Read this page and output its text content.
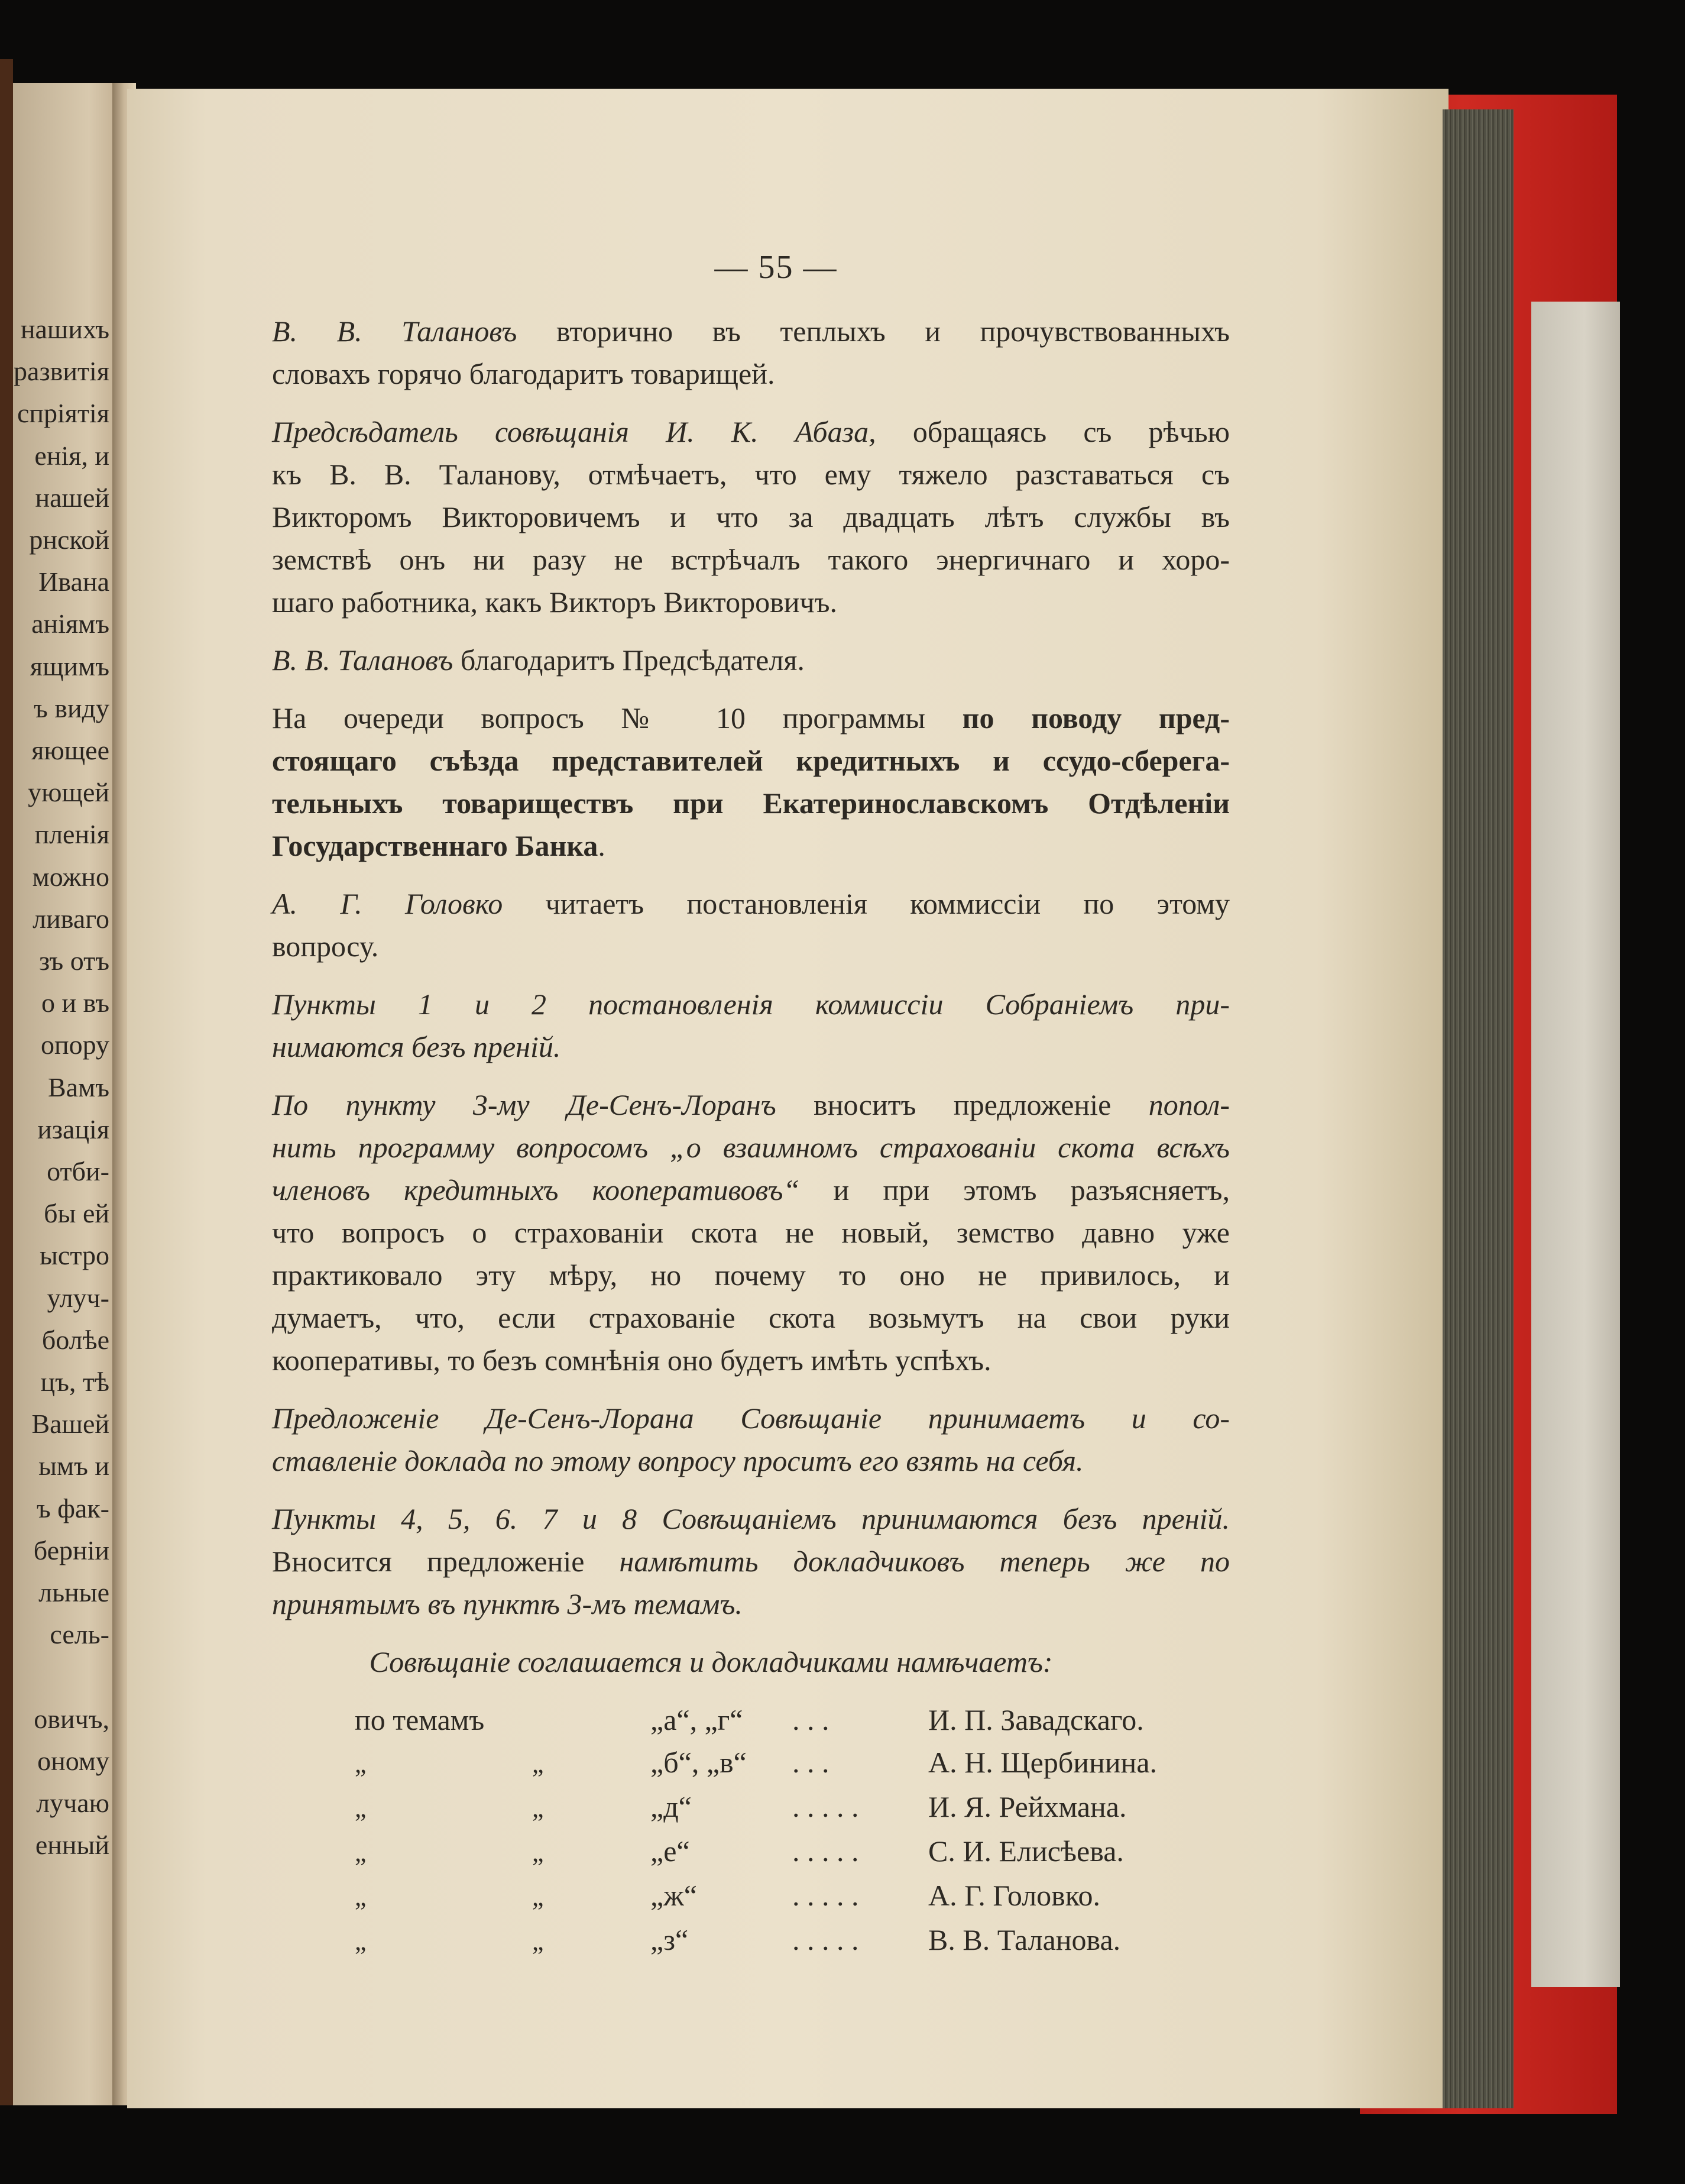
нашихъ
развитія
спріятія
енія, и
нашей
рнской
Ивана
аніямъ
ящимъ
ъ виду
яющее
ующей
пленія
можно
ливаго
зъ отъ
о и въ
опору
Вамъ
изація
отби-
бы ей
ыстро
улуч-
болѣе
цъ, тѣ
Вашей
ымъ и
ъ фак-
берніи
льные
сель-
овичъ,
оному
лучаю
енный
— 55 —
В. В. Талановъ вторично въ теплыхъ и прочувствованныхъ
словахъ горячо благодаритъ товарищей.
Предсѣдатель совѣщанія И. К. Абаза, обращаясь съ рѣчью
къ В. В. Таланову, отмѣчаетъ, что ему тяжело разставаться съ
Викторомъ Викторовичемъ и что за двадцать лѣтъ службы въ
земствѣ онъ ни разу не встрѣчалъ такого энергичнаго и хоро-
шаго работника, какъ Викторъ Викторовичъ.
В. В. Талановъ благодаритъ Предсѣдателя.
На очереди вопросъ № 10 программы по поводу пред-
стоящаго съѣзда представителей кредитныхъ и ссудо-сберега-
тельныхъ товариществъ при Екатеринославскомъ Отдѣленіи
Государственнаго Банка.
А. Г. Головко читаетъ постановленія коммиссіи по этому
вопросу.
Пункты 1 и 2 постановленія коммиссіи Собраніемъ при-
нимаются безъ преній.
По пункту 3-му Де-Сенъ-Лоранъ вноситъ предложеніе попол-
нить программу вопросомъ „о взаимномъ страхованіи скота всѣхъ
членовъ кредитныхъ кооперативовъ“ и при этомъ разъясняетъ,
что вопросъ о страхованіи скота не новый, земство давно уже
практиковало эту мѣру, но почему то оно не привилось, и
думаетъ, что, если страхованіе скота возьмутъ на свои руки
кооперативы, то безъ сомнѣнія оно будетъ имѣть успѣхъ.
Предложеніе Де-Сенъ-Лорана Совѣщаніе принимаетъ и со-
ставленіе доклада по этому вопросу проситъ его взять на себя.
Пункты 4, 5, 6. 7 и 8 Совѣщаніемъ принимаются безъ преній.
Вносится предложеніе намѣтить докладчиковъ теперь же по
принятымъ въ пунктѣ 3-мъ темамъ.
Совѣщаніе соглашается и докладчиками намѣчаетъ:
по темамъ	„а“, „г“	. . .	И. П. Завадскаго.
„	„	„б“, „в“	. . .	А. Н. Щербинина.
„	„	„д“	. . . . .	И. Я. Рейхмана.
„	„	„е“	. . . . .	С. И. Елисѣева.
„	„	„ж“	. . . . .	А. Г. Головко.
„	„	„з“	. . . . .	В. В. Таланова.
